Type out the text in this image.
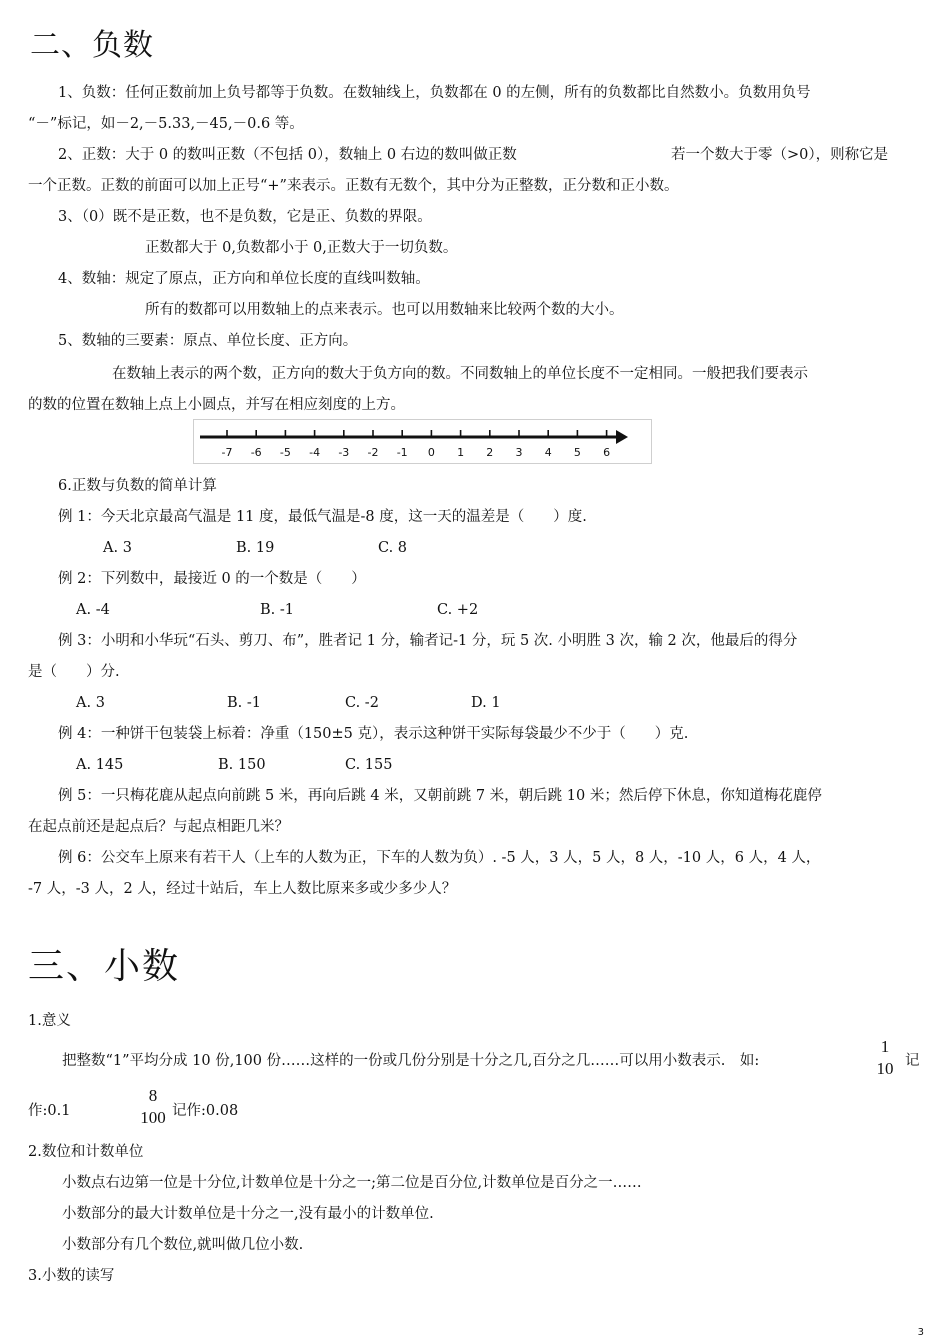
二、负数
1、负数：任何正数前加上负号都等于负数。在数轴线上，负数都在 0 的左侧，所有的负数都比自然数小。负数用负号
“－”标记，如－2,－5.33,－45,－0.6 等。
2、正数：大于 0 的数叫正数（不包括 0），数轴上 0 右边的数叫做正数	若一个数大于零（>0），则称它是
一个正数。正数的前面可以加上正号“+”来表示。正数有无数个，其中分为正整数，正分数和正小数。
3、（0）既不是正数，也不是负数，它是正、负数的界限。
正数都大于 0,负数都小于 0,正数大于一切负数。
4、数轴：规定了原点，正方向和单位长度的直线叫数轴。
所有的数都可以用数轴上的点来表示。也可以用数轴来比较两个数的大小。
5、数轴的三要素：原点、单位长度、正方向。
在数轴上表示的两个数，正方向的数大于负方向的数。不同数轴上的单位长度不一定相同。一般把我们要表示
的数的位置在数轴上点上小圆点，并写在相应刻度的上方。
-7 -6 -5 -4 -3 -2 -1 0 1 2 3 4 5 6
6.正数与负数的简单计算
例 1：今天北京最高气温是 11 度，最低气温是-8 度，这一天的温差是（　　）度.
A. 3	B. 19	C. 8
例 2：下列数中，最接近 0 的一个数是（　　）
A. -4	B. -1	C. +2
例 3：小明和小华玩“石头、剪刀、布”，胜者记 1 分，输者记-1 分，玩 5 次. 小明胜 3 次，输 2 次，他最后的得分
是（　　）分.
A. 3	B. -1	C. -2	D. 1
例 4：一种饼干包装袋上标着：净重（150±5 克），表示这种饼干实际每袋最少不少于（　　）克.
A. 145	B. 150	C. 155
例 5：一只梅花鹿从起点向前跳 5 米，再向后跳 4 米，又朝前跳 7 米，朝后跳 10 米；然后停下休息，你知道梅花鹿停
在起点前还是起点后？与起点相距几米？
例 6：公交车上原来有若干人（上车的人数为正，下车的人数为负）. -5 人，3 人，5 人，8 人，-10 人，6 人，4 人，
-7 人，-3 人，2 人，经过十站后，车上人数比原来多或少多少人？
三、小数
1.意义
把整数“1”平均分成 10 份,100 份……这样的一份或几份分别是十分之几,百分之几……可以用小数表示.　如:
1
10 记
作:0.1
8
100 记作:0.08
2.数位和计数单位
小数点右边第一位是十分位,计数单位是十分之一;第二位是百分位,计数单位是百分之一……
小数部分的最大计数单位是十分之一,没有最小的计数单位.
小数部分有几个数位,就叫做几位小数.
3.小数的读写
3
